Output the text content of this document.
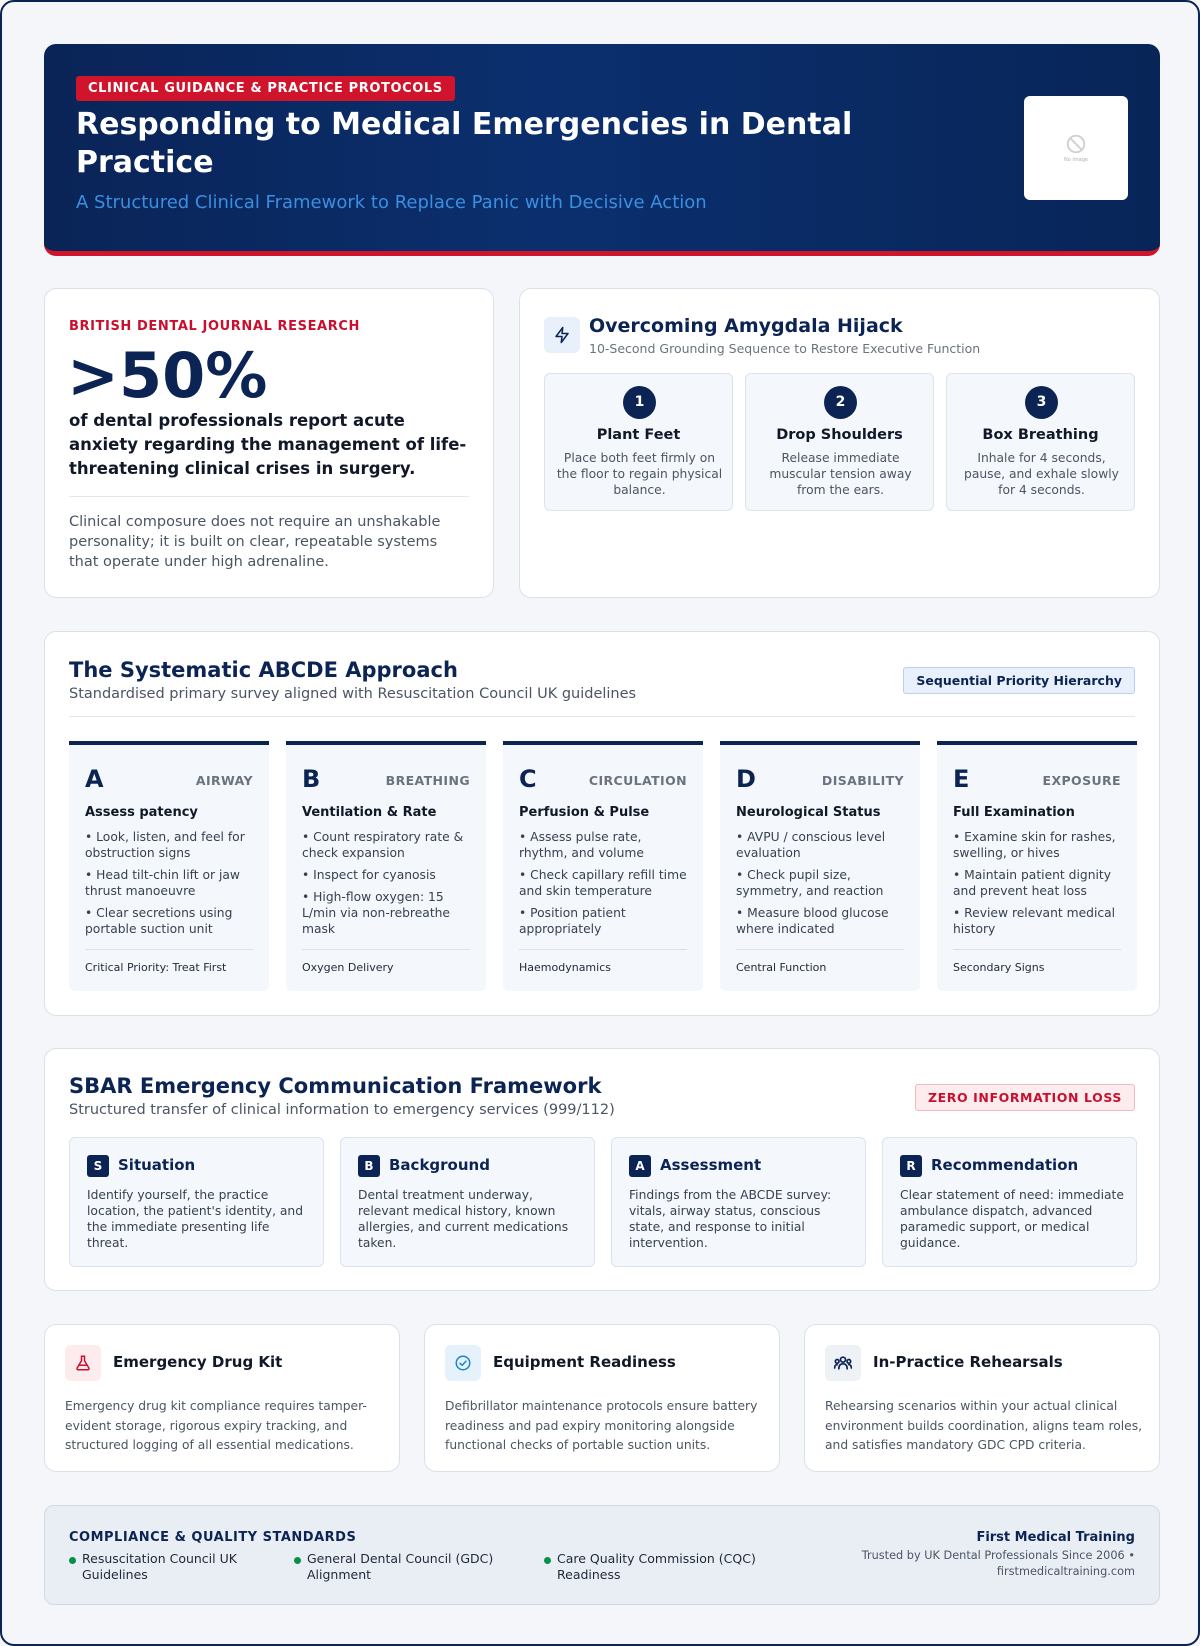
CLINICAL GUIDANCE & PRACTICE PROTOCOLS
Responding to Medical Emergencies in Dental Practice
A Structured Clinical Framework to Replace Panic with Decisive Action
No image
BRITISH DENTAL JOURNAL RESEARCH
>50%
of dental professionals report acute anxiety regarding the management of life-threatening clinical crises in surgery.
Clinical composure does not require an unshakable personality; it is built on clear, repeatable systems that operate under high adrenaline.
Overcoming Amygdala Hijack
10-Second Grounding Sequence to Restore Executive Function
1
Plant Feet
Place both feet firmly on the floor to regain physical balance.
2
Drop Shoulders
Release immediate muscular tension away from the ears.
3
Box Breathing
Inhale for 4 seconds, pause, and exhale slowly for 4 seconds.
The Systematic ABCDE Approach
Standardised primary survey aligned with Resuscitation Council UK guidelines
Sequential Priority Hierarchy
A	AIRWAY
Assess patency
• Look, listen, and feel for obstruction signs
• Head tilt-chin lift or jaw thrust manoeuvre
• Clear secretions using portable suction unit
Critical Priority: Treat First
B	BREATHING
Ventilation & Rate
• Count respiratory rate & check expansion
• Inspect for cyanosis
• High-flow oxygen: 15 L/min via non-rebreathe mask
Oxygen Delivery
C	CIRCULATION
Perfusion & Pulse
• Assess pulse rate, rhythm, and volume
• Check capillary refill time and skin temperature
• Position patient appropriately
Haemodynamics
D	DISABILITY
Neurological Status
• AVPU / conscious level evaluation
• Check pupil size, symmetry, and reaction
• Measure blood glucose where indicated
Central Function
E	EXPOSURE
Full Examination
• Examine skin for rashes, swelling, or hives
• Maintain patient dignity and prevent heat loss
• Review relevant medical history
Secondary Signs
SBAR Emergency Communication Framework
Structured transfer of clinical information to emergency services (999/112)
ZERO INFORMATION LOSS
S	Situation
Identify yourself, the practice location, the patient's identity, and the immediate presenting life threat.
B	Background
Dental treatment underway, relevant medical history, known allergies, and current medications taken.
A	Assessment
Findings from the ABCDE survey: vitals, airway status, conscious state, and response to initial intervention.
R	Recommendation
Clear statement of need: immediate ambulance dispatch, advanced paramedic support, or medical guidance.
Emergency Drug Kit
Emergency drug kit compliance requires tamper-evident storage, rigorous expiry tracking, and structured logging of all essential medications.
Equipment Readiness
Defibrillator maintenance protocols ensure battery readiness and pad expiry monitoring alongside functional checks of portable suction units.
In-Practice Rehearsals
Rehearsing scenarios within your actual clinical environment builds coordination, aligns team roles, and satisfies mandatory GDC CPD criteria.
COMPLIANCE & QUALITY STANDARDS
Resuscitation Council UK Guidelines
General Dental Council (GDC) Alignment
Care Quality Commission (CQC) Readiness
First Medical Training
Trusted by UK Dental Professionals Since 2006 • firstmedicaltraining.com
